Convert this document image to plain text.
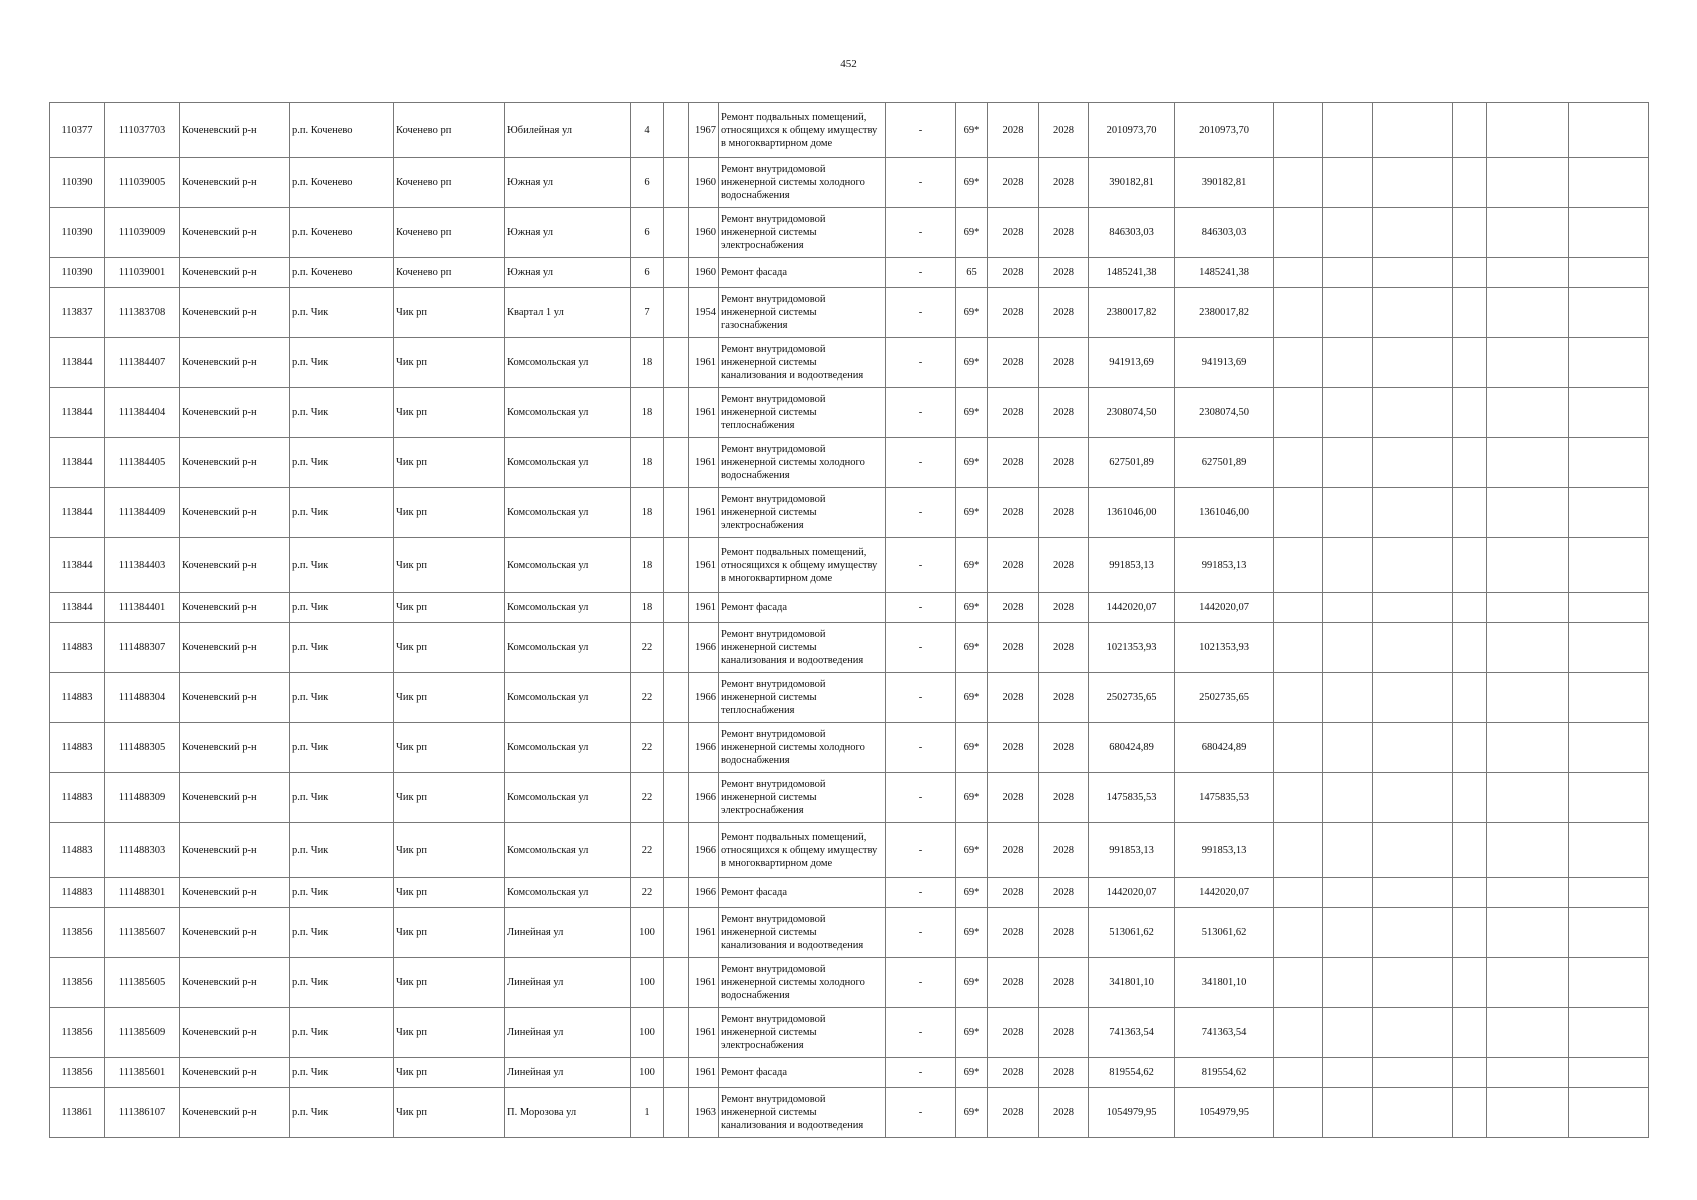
452
110377	111037703	Коченевский р-н	р.п. Коченево	Коченево рп	Юбилейная ул	4		1967	Ремонт подвальных помещений, относящихся к общему имуществу в многоквартирном доме	-	69*	2028	2028	2010973,70	2010973,70						
110390	111039005	Коченевский р-н	р.п. Коченево	Коченево рп	Южная ул	6		1960	Ремонт внутридомовой инженерной системы холодного водоснабжения	-	69*	2028	2028	390182,81	390182,81						
110390	111039009	Коченевский р-н	р.п. Коченево	Коченево рп	Южная ул	6		1960	Ремонт внутридомовой инженерной системы электроснабжения	-	69*	2028	2028	846303,03	846303,03						
110390	111039001	Коченевский р-н	р.п. Коченево	Коченево рп	Южная ул	6		1960	Ремонт фасада	-	65	2028	2028	1485241,38	1485241,38						
113837	111383708	Коченевский р-н	р.п. Чик	Чик рп	Квартал 1 ул	7		1954	Ремонт внутридомовой инженерной системы газоснабжения	-	69*	2028	2028	2380017,82	2380017,82						
113844	111384407	Коченевский р-н	р.п. Чик	Чик рп	Комсомольская ул	18		1961	Ремонт внутридомовой инженерной системы канализования и водоотведения	-	69*	2028	2028	941913,69	941913,69						
113844	111384404	Коченевский р-н	р.п. Чик	Чик рп	Комсомольская ул	18		1961	Ремонт внутридомовой инженерной системы теплоснабжения	-	69*	2028	2028	2308074,50	2308074,50						
113844	111384405	Коченевский р-н	р.п. Чик	Чик рп	Комсомольская ул	18		1961	Ремонт внутридомовой инженерной системы холодного водоснабжения	-	69*	2028	2028	627501,89	627501,89						
113844	111384409	Коченевский р-н	р.п. Чик	Чик рп	Комсомольская ул	18		1961	Ремонт внутридомовой инженерной системы электроснабжения	-	69*	2028	2028	1361046,00	1361046,00						
113844	111384403	Коченевский р-н	р.п. Чик	Чик рп	Комсомольская ул	18		1961	Ремонт подвальных помещений, относящихся к общему имуществу в многоквартирном доме	-	69*	2028	2028	991853,13	991853,13						
113844	111384401	Коченевский р-н	р.п. Чик	Чик рп	Комсомольская ул	18		1961	Ремонт фасада	-	69*	2028	2028	1442020,07	1442020,07						
114883	111488307	Коченевский р-н	р.п. Чик	Чик рп	Комсомольская ул	22		1966	Ремонт внутридомовой инженерной системы канализования и водоотведения	-	69*	2028	2028	1021353,93	1021353,93						
114883	111488304	Коченевский р-н	р.п. Чик	Чик рп	Комсомольская ул	22		1966	Ремонт внутридомовой инженерной системы теплоснабжения	-	69*	2028	2028	2502735,65	2502735,65						
114883	111488305	Коченевский р-н	р.п. Чик	Чик рп	Комсомольская ул	22		1966	Ремонт внутридомовой инженерной системы холодного водоснабжения	-	69*	2028	2028	680424,89	680424,89						
114883	111488309	Коченевский р-н	р.п. Чик	Чик рп	Комсомольская ул	22		1966	Ремонт внутридомовой инженерной системы электроснабжения	-	69*	2028	2028	1475835,53	1475835,53						
114883	111488303	Коченевский р-н	р.п. Чик	Чик рп	Комсомольская ул	22		1966	Ремонт подвальных помещений, относящихся к общему имуществу в многоквартирном доме	-	69*	2028	2028	991853,13	991853,13						
114883	111488301	Коченевский р-н	р.п. Чик	Чик рп	Комсомольская ул	22		1966	Ремонт фасада	-	69*	2028	2028	1442020,07	1442020,07						
113856	111385607	Коченевский р-н	р.п. Чик	Чик рп	Линейная ул	100		1961	Ремонт внутридомовой инженерной системы канализования и водоотведения	-	69*	2028	2028	513061,62	513061,62						
113856	111385605	Коченевский р-н	р.п. Чик	Чик рп	Линейная ул	100		1961	Ремонт внутридомовой инженерной системы холодного водоснабжения	-	69*	2028	2028	341801,10	341801,10						
113856	111385609	Коченевский р-н	р.п. Чик	Чик рп	Линейная ул	100		1961	Ремонт внутридомовой инженерной системы электроснабжения	-	69*	2028	2028	741363,54	741363,54						
113856	111385601	Коченевский р-н	р.п. Чик	Чик рп	Линейная ул	100		1961	Ремонт фасада	-	69*	2028	2028	819554,62	819554,62						
113861	111386107	Коченевский р-н	р.п. Чик	Чик рп	П. Морозова ул	1		1963	Ремонт внутридомовой инженерной системы канализования и водоотведения	-	69*	2028	2028	1054979,95	1054979,95						
